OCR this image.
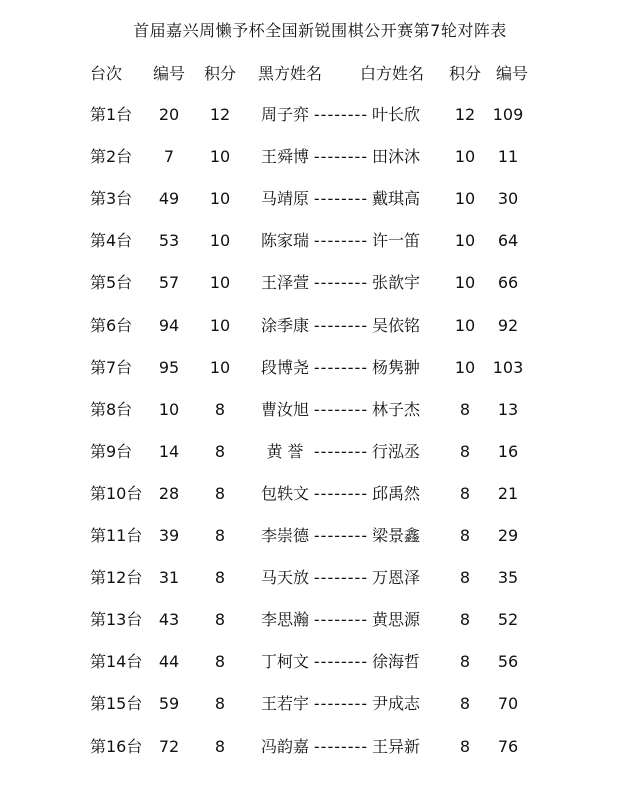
首届嘉兴周懒予杯全国新锐围棋公开赛第7轮对阵表
台次	编号	积分	黑方姓名 白方姓名	积分 编号
第1台	20	12	周子弈 -------- 叶长欣	12	109
第2台	7	10	王舜博 -------- 田沐沐	10	11
第3台	49	10	马靖原 -------- 戴琪高	10	30
第4台	53	10	陈家瑞 -------- 许一笛	10	64
第5台	57	10	王泽萱 -------- 张歆宇	10	66
第6台	94	10	涂季康 -------- 吴依铭	10	92
第7台	95	10	段博尧 -------- 杨隽翀	10	103
第8台	10	8	曹汝旭 -------- 林子杰	8	13
第9台	14	8	黄 誉 -------- 行泓丞	8	16
第10台	28	8	包轶文 -------- 邱禹然	8	21
第11台	39	8	李崇德 -------- 梁景鑫	8	29
第12台	31	8	马天放 -------- 万恩泽	8	35
第13台	43	8	李思瀚 -------- 黄思源	8	52
第14台	44	8	丁柯文 -------- 徐海哲	8	56
第15台	59	8	王若宇 -------- 尹成志	8	70
第16台	72	8	冯韵嘉 -------- 王异新	8	76
